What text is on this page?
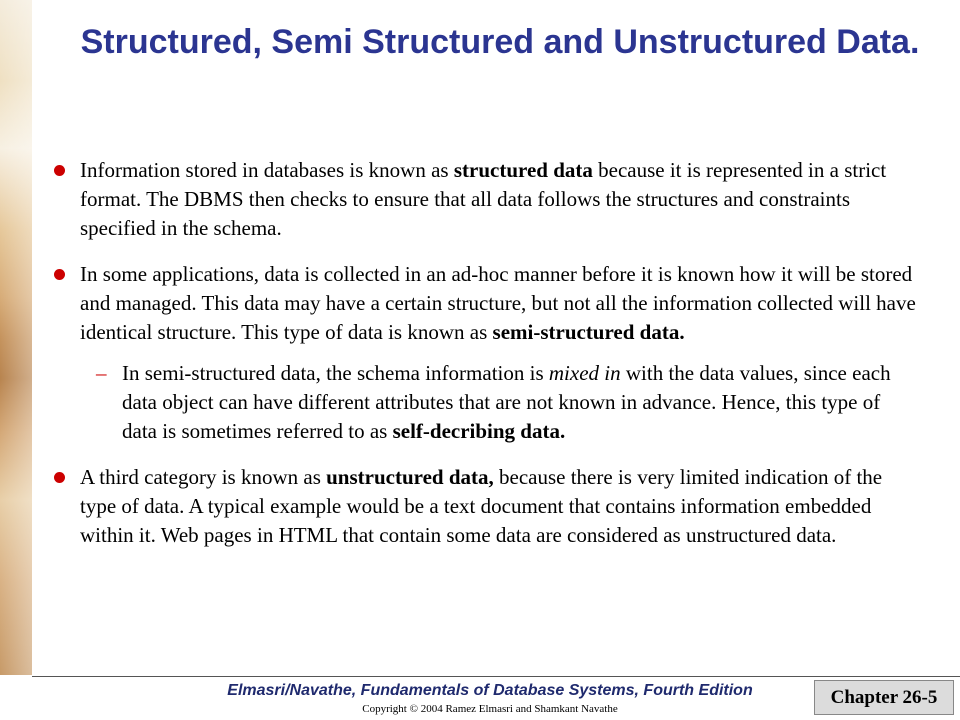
Structured, Semi Structured and Unstructured Data.
Information stored in databases is known as structured data because it is represented in a strict format. The DBMS then checks to ensure that all data follows the structures and constraints specified in the schema.
In some applications, data is collected in an ad-hoc manner before it is known how it will be stored and managed. This data may have a certain structure, but not all the information collected will have identical structure. This type of data is known as semi-structured data.
– In semi-structured data, the schema information is mixed in with the data values, since each data object can have different attributes that are not known in advance. Hence, this type of data is sometimes referred to as self-decribing data.
A third category is known as unstructured data, because there is very limited indication of the type of data. A typical example would be a text document that contains information embedded within it. Web pages in HTML that contain some data are considered as unstructured data.
Elmasri/Navathe, Fundamentals of Database Systems, Fourth Edition
Copyright © 2004 Ramez Elmasri and Shamkant Navathe
Chapter 26-5
